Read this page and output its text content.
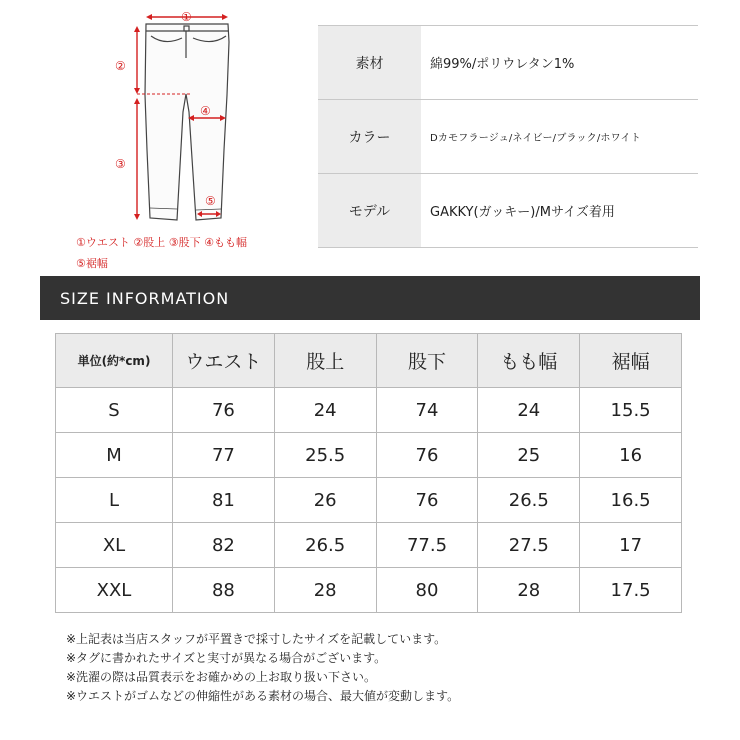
①
②
③
④
⑤
①ウエスト ②股上 ③股下 ④もも幅
⑤裾幅
素材	綿99%/ポリウレタン1%
カラー	Dカモフラージュ/ネイビー/ブラック/ホワイト
モデル	GAKKY(ガッキー)/Mサイズ着用
SIZE INFORMATION
単位(約*cm)	ウエスト	股上	股下	もも幅	裾幅
S	76	24	74	24	15.5
M	77	25.5	76	25	16
L	81	26	76	26.5	16.5
XL	82	26.5	77.5	27.5	17
XXL	88	28	80	28	17.5
※上記表は当店スタッフが平置きで採寸したサイズを記載しています。
※タグに書かれたサイズと実寸が異なる場合がございます。
※洗濯の際は品質表示をお確かめの上お取り扱い下さい。
※ウエストがゴムなどの伸縮性がある素材の場合、最大値が変動します。
